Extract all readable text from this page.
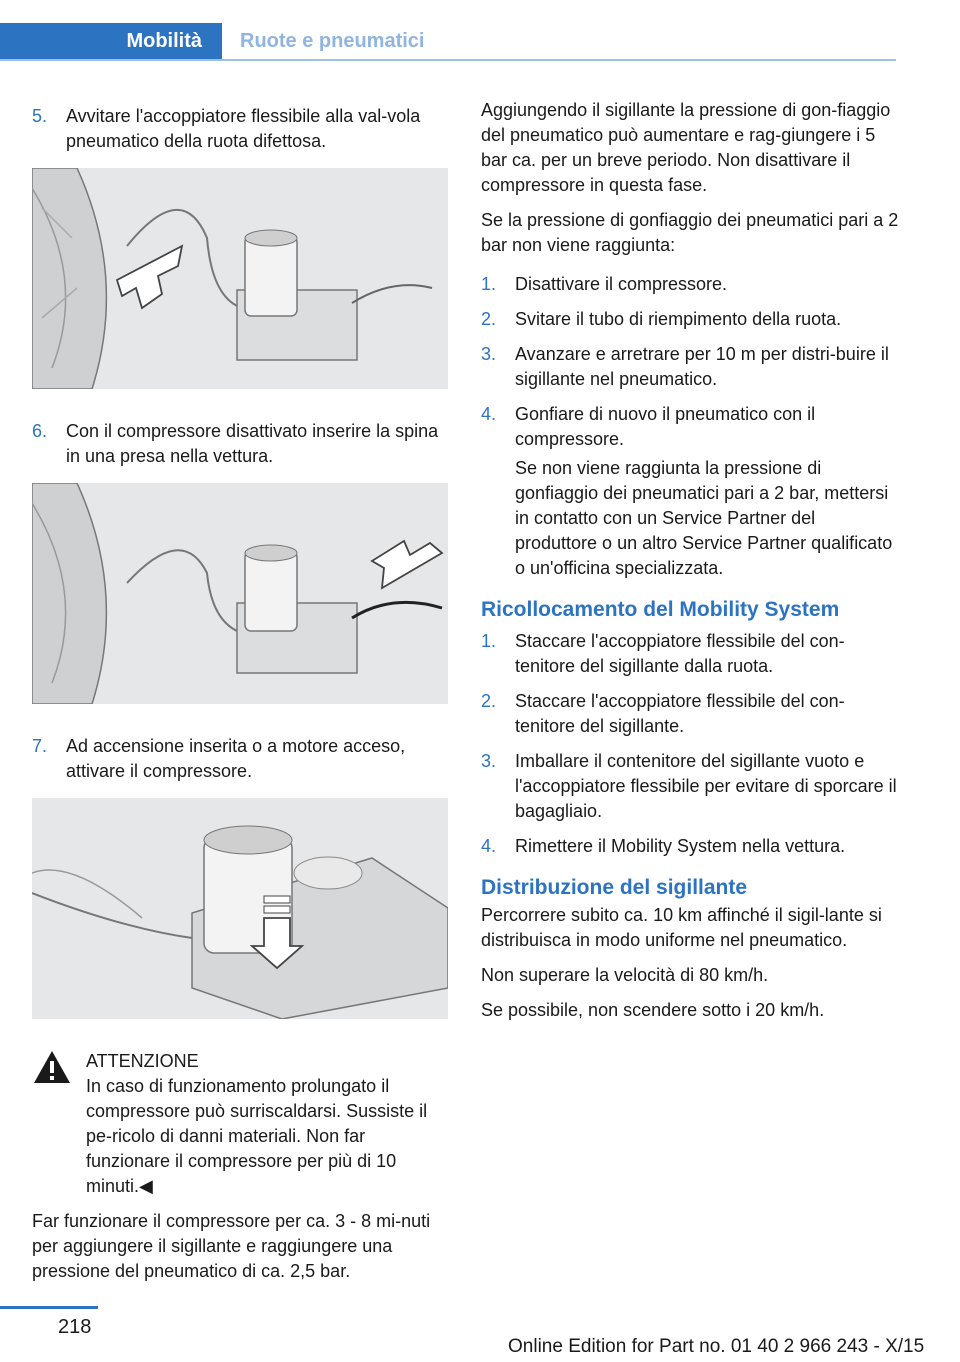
Mobilità Ruote e pneumatici
5. Avvitare l'accoppiatore flessibile alla val‐vola pneumatico della ruota difettosa.
6. Con il compressore disattivato inserire la spina in una presa nella vettura.
7. Ad accensione inserita o a motore acceso, attivare il compressore.
ATTENZIONE
In caso di funzionamento prolungato il compressore può surriscaldarsi. Sussiste il pe‐ricolo di danni materiali. Non far funzionare il compressore per più di 10 minuti.◀

Far funzionare il compressore per ca. 3 - 8 mi‐nuti per aggiungere il sigillante e raggiungere una pressione del pneumatico di ca. 2,5 bar.

Aggiungendo il sigillante la pressione di gon‐fiaggio del pneumatico può aumentare e rag‐giungere i 5 bar ca. per un breve periodo. Non disattivare il compressore in questa fase.

Se la pressione di gonfiaggio dei pneumatici pari a 2 bar non viene raggiunta:

1. Disattivare il compressore.
2. Svitare il tubo di riempimento della ruota.
3. Avanzare e arretrare per 10 m per distri‐buire il sigillante nel pneumatico.
4. Gonfiare di nuovo il pneumatico con il compressore.
Se non viene raggiunta la pressione di gonfiaggio dei pneumatici pari a 2 bar, mettersi in contatto con un Service Partner del produttore o un altro Service Partner qualificato o un'officina specializzata.
Ricollocamento del Mobility System
1. Staccare l'accoppiatore flessibile del con‐tenitore del sigillante dalla ruota.
2. Staccare l'accoppiatore flessibile del con‐tenitore del sigillante.
3. Imballare il contenitore del sigillante vuoto e l'accoppiatore flessibile per evitare di sporcare il bagagliaio.
4. Rimettere il Mobility System nella vettura.
Distribuzione del sigillante

Percorrere subito ca. 10 km affinché il sigil‐lante si distribuisca in modo uniforme nel pneumatico.

Non superare la velocità di 80 km/h.

Se possibile, non scendere sotto i 20 km/h.

218
Online Edition for Part no. 01 40 2 966 243 - X/15
